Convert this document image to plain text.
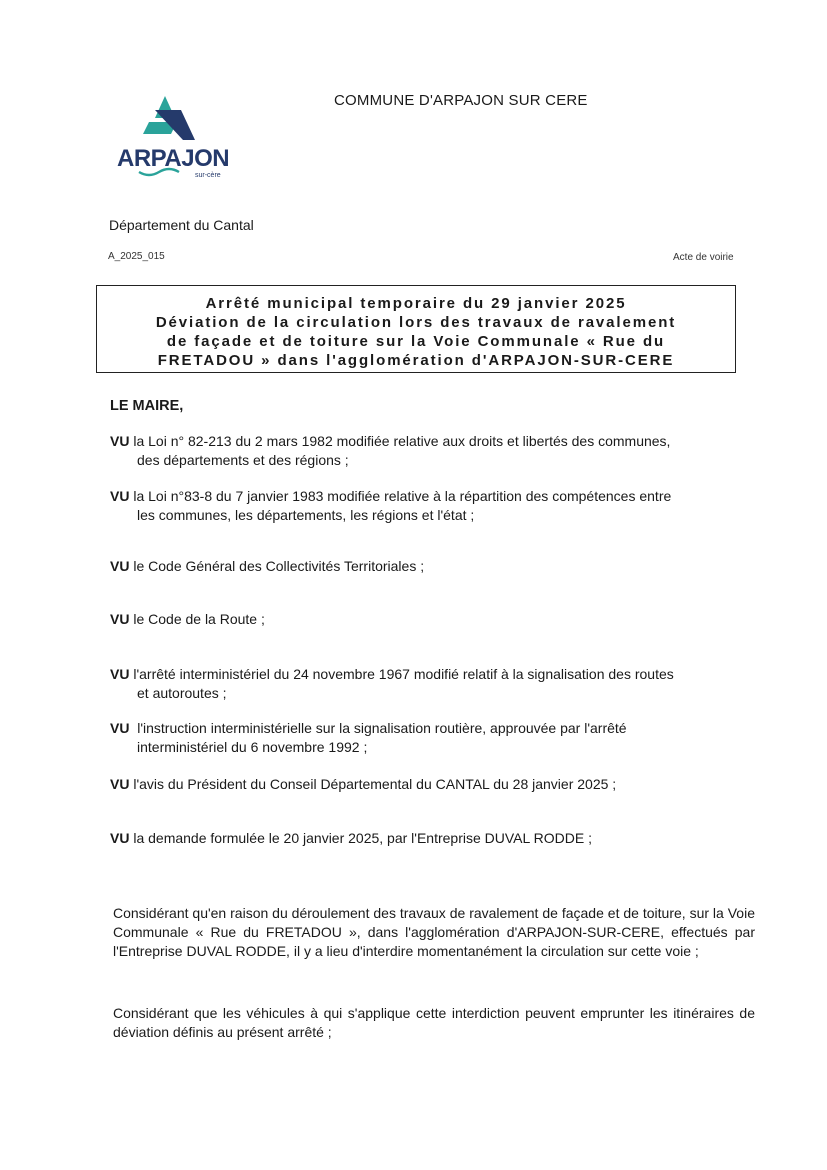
ARPAJON
sur-cère
COMMUNE D'ARPAJON SUR CERE
Département du Cantal
A_2025_015	Acte de voirie
Arrêté municipal temporaire du 29 janvier 2025
Déviation de la circulation lors des travaux de ravalement
de façade et de toiture sur la Voie Communale « Rue du
FRETADOU » dans l'agglomération d'ARPAJON-SUR-CERE
LE MAIRE,
VU la Loi n° 82-213 du 2 mars 1982 modifiée relative aux droits et libertés des communes,
des départements et des régions ;
VU la Loi n°83-8 du 7 janvier 1983 modifiée relative à la répartition des compétences entre
les communes, les départements, les régions et l'état ;
VU le Code Général des Collectivités Territoriales ;
VU le Code de la Route ;
VU l'arrêté interministériel du 24 novembre 1967 modifié relatif à la signalisation des routes
et autoroutes ;
VU l'instruction interministérielle sur la signalisation routière, approuvée par l'arrêté
interministériel du 6 novembre 1992 ;
VU l'avis du Président du Conseil Départemental du CANTAL du 28 janvier 2025 ;
VU la demande formulée le 20 janvier 2025, par l'Entreprise DUVAL RODDE ;
Considérant qu'en raison du déroulement des travaux de ravalement de façade et de toiture, sur la Voie Communale « Rue du FRETADOU », dans l'agglomération d'ARPAJON-SUR-CERE, effectués par l'Entreprise DUVAL RODDE, il y a lieu d'interdire momentanément la circulation sur cette voie ;
Considérant que les véhicules à qui s'applique cette interdiction peuvent emprunter les itinéraires de déviation définis au présent arrêté ;
